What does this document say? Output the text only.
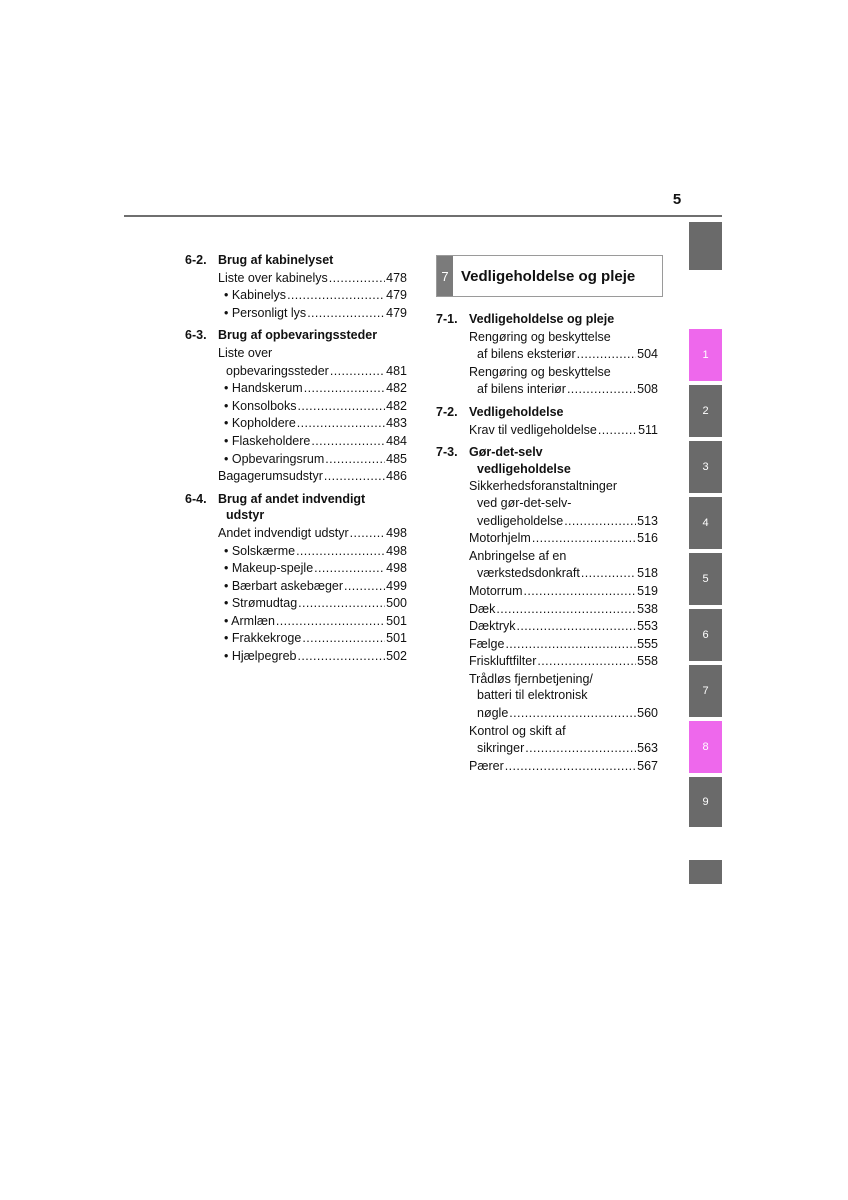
5
6-2. Brug af kabinelyset
Liste over kabinelys .....	478
• Kabinelys .....	479
• Personligt lys .....	479
6-3. Brug af opbevaringssteder
Liste over
opbevaringssteder .....	481
• Handskerum .....	482
• Konsolboks .....	482
• Kopholdere .....	483
• Flaskeholdere .....	484
• Opbevaringsrum .....	485
Bagagerumsudstyr .....	486
6-4. Brug af andet indvendigt
udstyr
Andet indvendigt udstyr .....	498
• Solskærme .....	498
• Makeup-spejle .....	498
• Bærbart askebæger .....	499
• Strømudtag .....	500
• Armlæn .....	501
• Frakkekroge .....	501
• Hjælpegreb .....	502
7 Vedligeholdelse og pleje
7-1. Vedligeholdelse og pleje
Rengøring og beskyttelse
af bilens eksteriør .....	504
Rengøring og beskyttelse
af bilens interiør .....	508
7-2. Vedligeholdelse
Krav til vedligeholdelse .....	511
7-3. Gør-det-selv
vedligeholdelse
Sikkerhedsforanstaltninger
ved gør-det-selv-
vedligeholdelse .....	513
Motorhjelm .....	516
Anbringelse af en
værkstedsdonkraft .....	518
Motorrum .....	519
Dæk .....	538
Dæktryk .....	553
Fælge .....	555
Friskluftfilter .....	558
Trådløs fjernbetjening/
batteri til elektronisk
nøgle .....	560
Kontrol og skift af
sikringer .....	563
Pærer .....	567
1
2
3
4
5
6
7
8
9
